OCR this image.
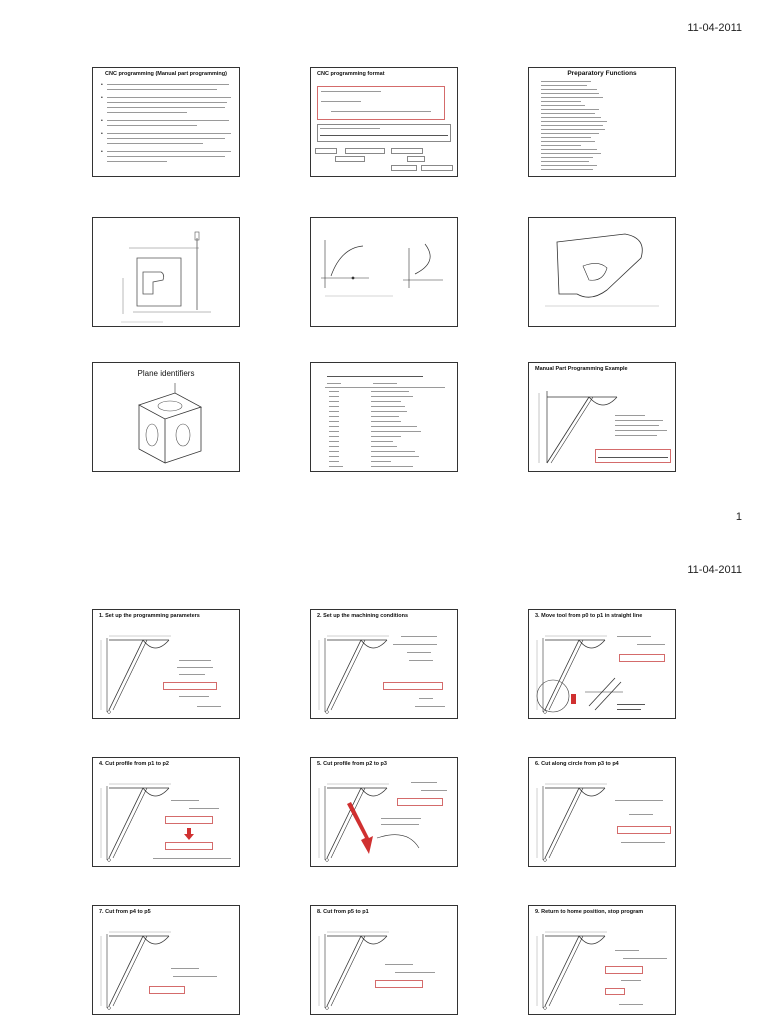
11-04-2011
CNC programming (Manual part programming)
•
•
•
•
•
CNC programming format	Preparatory Functions
Plane identifiers	Manual Part Programming Example
1
11-04-2011
1. Set up the programming parameters	2. Set up the machining conditions	3. Move tool from p0 to p1 in straight line
4. Cut profile from p1 to p2	5. Cut profile from p2 to p3	6. Cut along circle from p3 to p4
7. Cut from p4 to p5	8. Cut from p5 to p1	9. Return to home position, stop program
